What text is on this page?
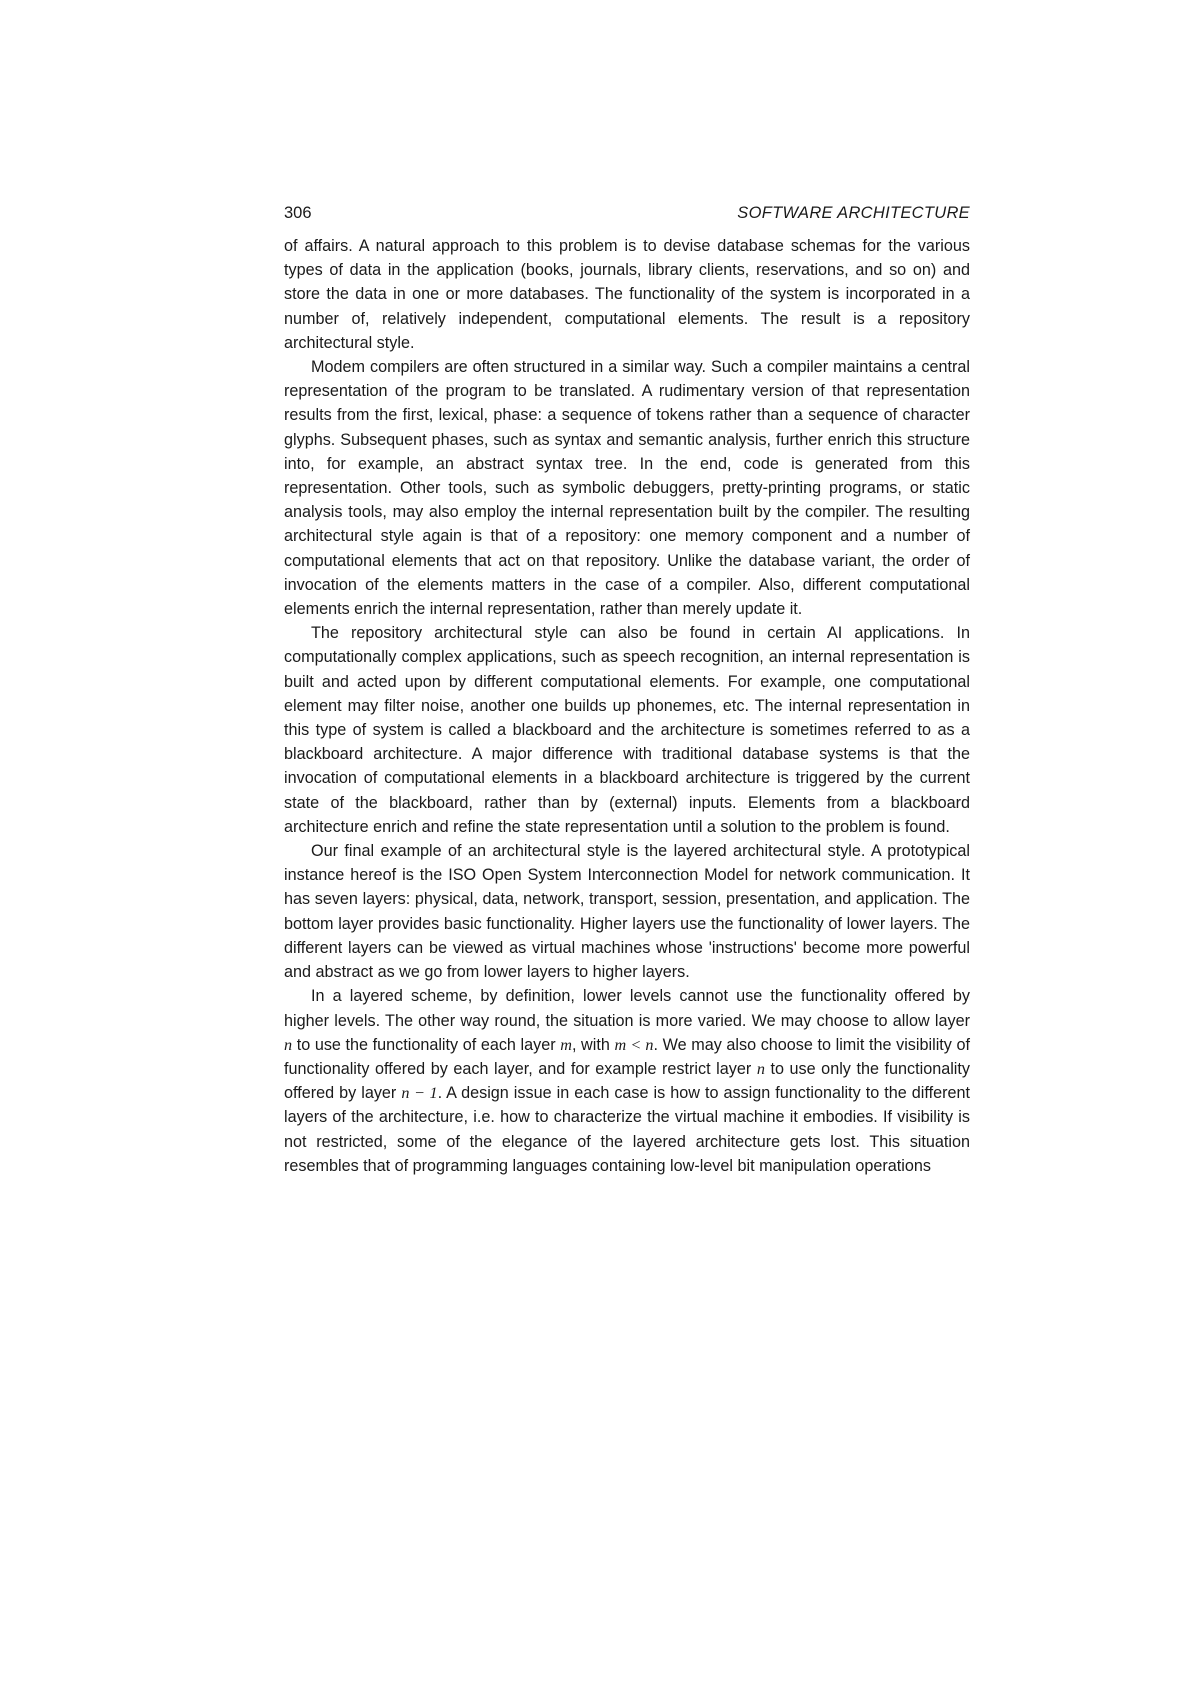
306	SOFTWARE ARCHITECTURE

of affairs. A natural approach to this problem is to devise database schemas for the various types of data in the application (books, journals, library clients, reservations, and so on) and store the data in one or more databases. The functionality of the system is incorporated in a number of, relatively independent, computational elements. The result is a repository architectural style.

Modem compilers are often structured in a similar way. Such a compiler maintains a central representation of the program to be translated. A rudimentary version of that representation results from the first, lexical, phase: a sequence of tokens rather than a sequence of character glyphs. Subsequent phases, such as syntax and semantic analysis, further enrich this structure into, for example, an abstract syntax tree. In the end, code is generated from this representation. Other tools, such as symbolic debuggers, pretty-printing programs, or static analysis tools, may also employ the internal representation built by the compiler. The resulting architectural style again is that of a repository: one memory component and a number of computational elements that act on that repository. Unlike the database variant, the order of invocation of the elements matters in the case of a compiler. Also, different computational elements enrich the internal representation, rather than merely update it.

The repository architectural style can also be found in certain AI applications. In computationally complex applications, such as speech recognition, an internal representation is built and acted upon by different computational elements. For example, one computational element may filter noise, another one builds up phonemes, etc. The internal representation in this type of system is called a blackboard and the architecture is sometimes referred to as a blackboard architecture. A major difference with traditional database systems is that the invocation of computational elements in a blackboard architecture is triggered by the current state of the blackboard, rather than by (external) inputs. Elements from a blackboard architecture enrich and refine the state representation until a solution to the problem is found.

Our final example of an architectural style is the layered architectural style. A prototypical instance hereof is the ISO Open System Interconnection Model for network communication. It has seven layers: physical, data, network, transport, session, presentation, and application. The bottom layer provides basic functionality. Higher layers use the functionality of lower layers. The different layers can be viewed as virtual machines whose 'instructions' become more powerful and abstract as we go from lower layers to higher layers.

In a layered scheme, by definition, lower levels cannot use the functionality offered by higher levels. The other way round, the situation is more varied. We may choose to allow layer n to use the functionality of each layer m, with m < n. We may also choose to limit the visibility of functionality offered by each layer, and for example restrict layer n to use only the functionality offered by layer n − 1. A design issue in each case is how to assign functionality to the different layers of the architecture, i.e. how to characterize the virtual machine it embodies. If visibility is not restricted, some of the elegance of the layered architecture gets lost. This situation resembles that of programming languages containing low-level bit manipulation operations
